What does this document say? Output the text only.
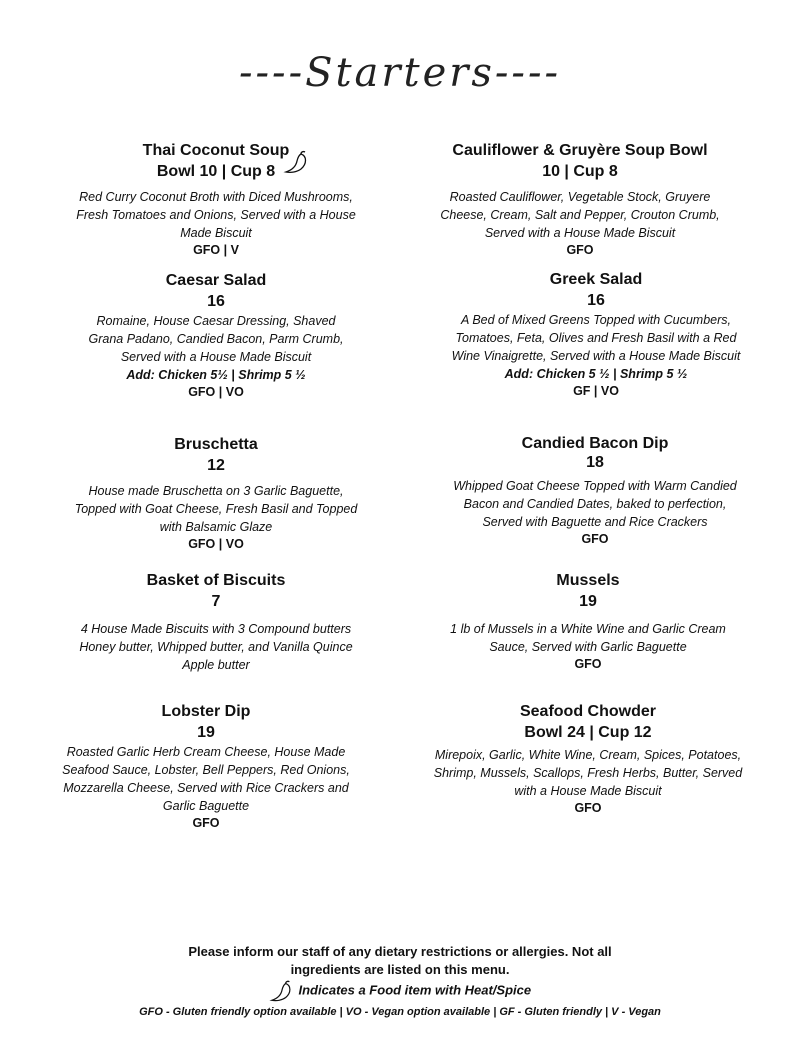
----Starters----
Thai Coconut Soup
Bowl 10 | Cup 8
Red Curry Coconut Broth with Diced Mushrooms, Fresh Tomatoes and Onions, Served with a House Made Biscuit
GFO | V
Cauliflower & Gruyère Soup Bowl
10 | Cup 8
Roasted Cauliflower, Vegetable Stock, Gruyere Cheese, Cream, Salt and Pepper, Crouton Crumb, Served with a House Made Biscuit
GFO
Caesar Salad
16
Romaine, House Caesar Dressing, Shaved Grana Padano, Candied Bacon, Parm Crumb, Served with a House Made Biscuit
Add: Chicken 5½ | Shrimp 5 ½
GFO | VO
Greek Salad
16
A Bed of Mixed Greens Topped with Cucumbers, Tomatoes, Feta, Olives and Fresh Basil with a Red Wine Vinaigrette, Served with a House Made Biscuit
Add: Chicken 5 ½ | Shrimp 5 ½
GF | VO
Bruschetta
12
House made Bruschetta on 3 Garlic Baguette, Topped with Goat Cheese, Fresh Basil and Topped with Balsamic Glaze
GFO | VO
Candied Bacon Dip
18
Whipped Goat Cheese Topped with Warm Candied Bacon and Candied Dates, baked to perfection, Served with Baguette and Rice Crackers
GFO
Basket of Biscuits
7
4 House Made Biscuits with 3 Compound butters Honey butter, Whipped butter, and Vanilla Quince Apple butter
Mussels
19
1 lb of Mussels in a White Wine and Garlic Cream Sauce, Served with Garlic Baguette
GFO
Lobster Dip
19
Roasted Garlic Herb Cream Cheese, House Made Seafood Sauce, Lobster, Bell Peppers, Red Onions, Mozzarella Cheese, Served with Rice Crackers and Garlic Baguette
GFO
Seafood Chowder
Bowl 24 | Cup 12
Mirepoix, Garlic, White Wine, Cream, Spices, Potatoes, Shrimp, Mussels, Scallops, Fresh Herbs, Butter, Served with a House Made Biscuit
GFO
Please inform our staff of any dietary restrictions or allergies. Not all ingredients are listed on this menu.
Indicates a Food item with Heat/Spice
GFO - Gluten friendly option available | VO - Vegan option available | GF - Gluten friendly | V - Vegan
